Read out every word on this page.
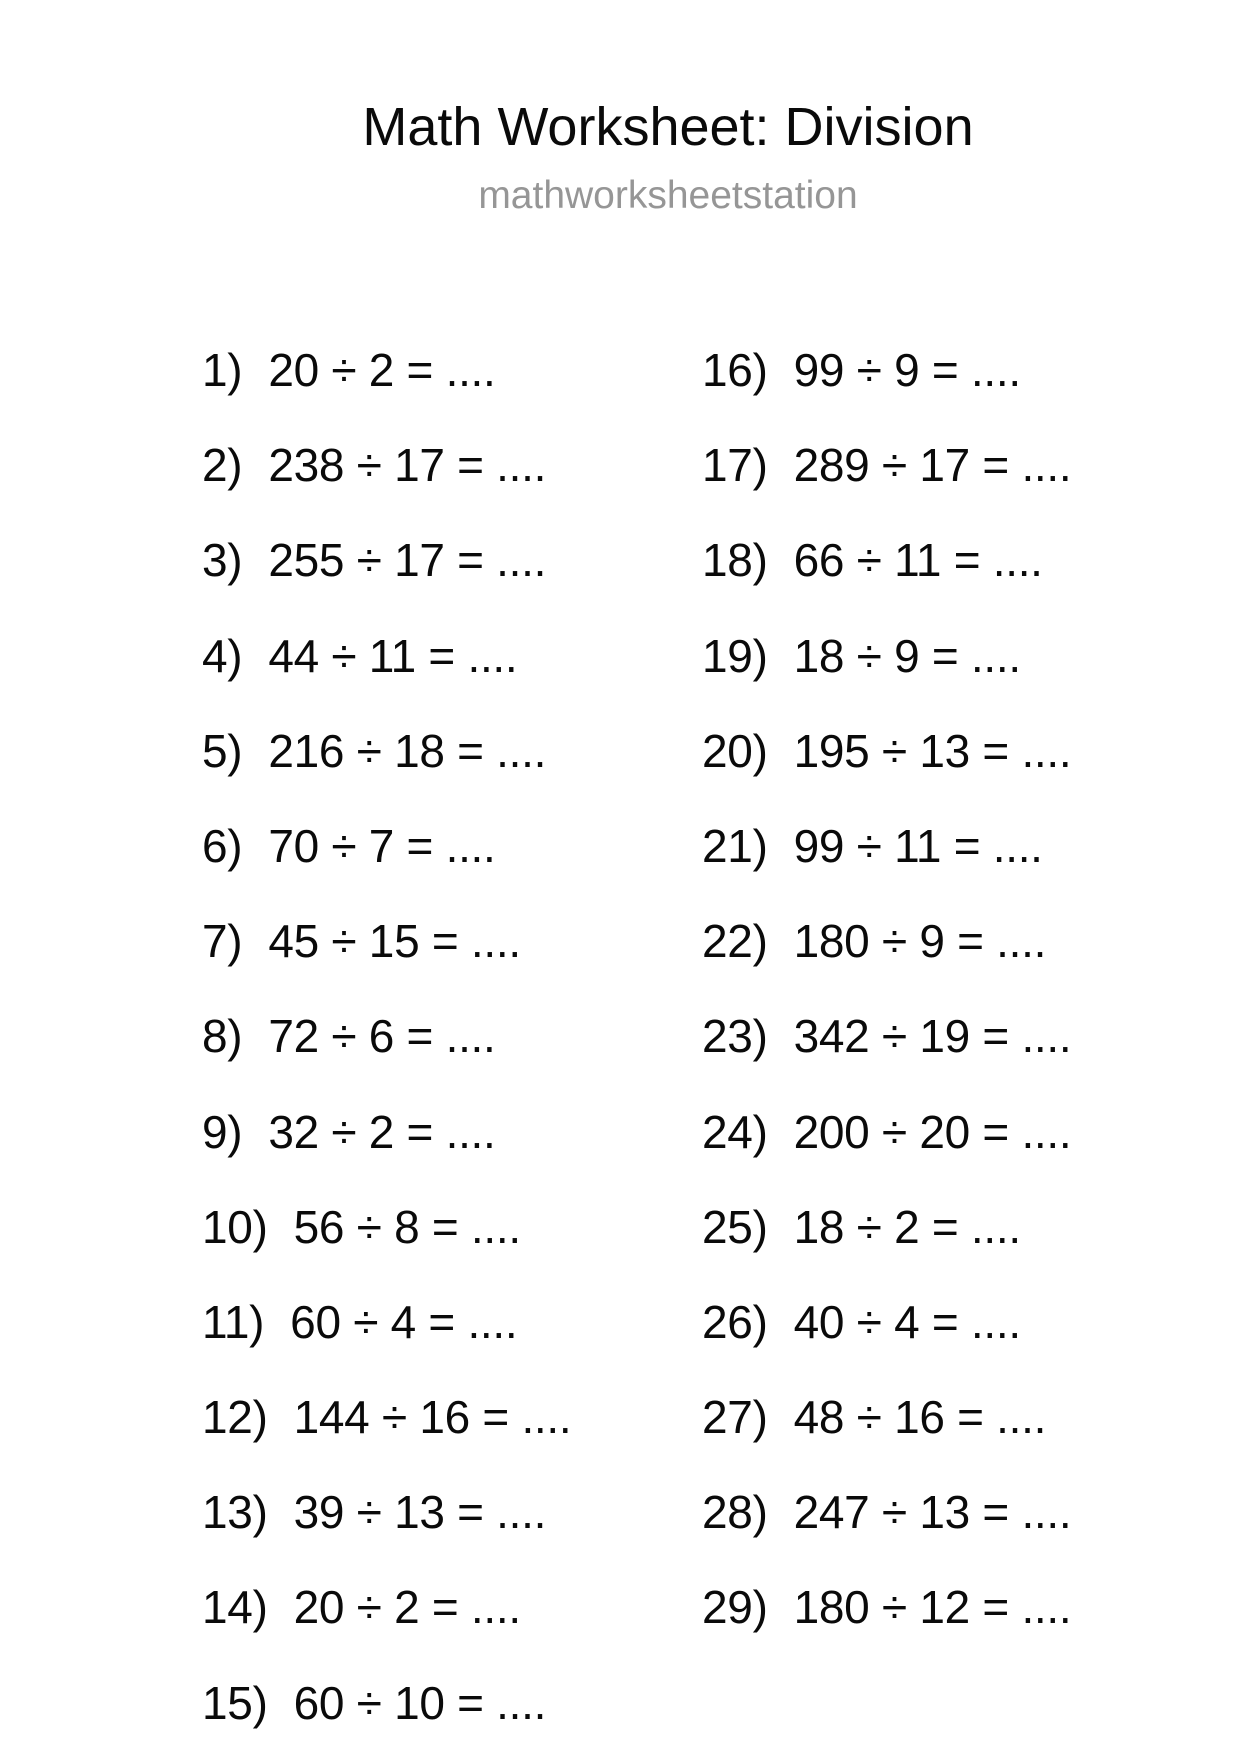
Math Worksheet: Division
mathworksheetstation
1) 20 ÷ 2 = ....
2) 238 ÷ 17 = ....
3) 255 ÷ 17 = ....
4) 44 ÷ 11 = ....
5) 216 ÷ 18 = ....
6) 70 ÷ 7 = ....
7) 45 ÷ 15 = ....
8) 72 ÷ 6 = ....
9) 32 ÷ 2 = ....
10) 56 ÷ 8 = ....
11) 60 ÷ 4 = ....
12) 144 ÷ 16 = ....
13) 39 ÷ 13 = ....
14) 20 ÷ 2 = ....
15) 60 ÷ 10 = ....
16) 99 ÷ 9 = ....
17) 289 ÷ 17 = ....
18) 66 ÷ 11 = ....
19) 18 ÷ 9 = ....
20) 195 ÷ 13 = ....
21) 99 ÷ 11 = ....
22) 180 ÷ 9 = ....
23) 342 ÷ 19 = ....
24) 200 ÷ 20 = ....
25) 18 ÷ 2 = ....
26) 40 ÷ 4 = ....
27) 48 ÷ 16 = ....
28) 247 ÷ 13 = ....
29) 180 ÷ 12 = ....
